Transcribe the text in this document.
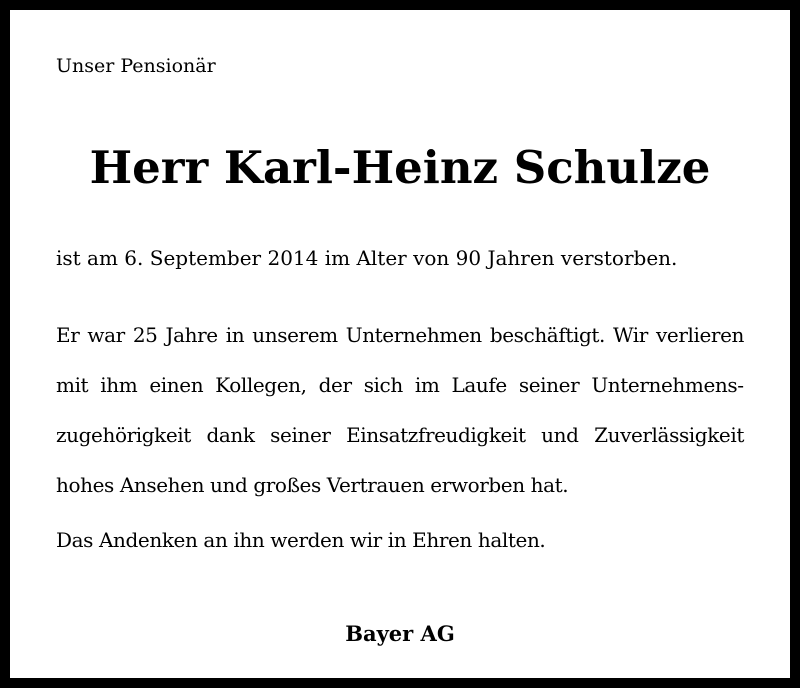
Unser Pensionär
Herr Karl-Heinz Schulze
ist am 6. September 2014 im Alter von 90 Jahren verstorben.

Er war 25 Jahre in unserem Unternehmen beschäftigt. Wir verlieren mit ihm einen Kollegen, der sich im Laufe seiner Unternehmenszugehörigkeit dank seiner Einsatzfreudigkeit und Zuverlässigkeit hohes Ansehen und großes Vertrauen erworben hat.

Das Andenken an ihn werden wir in Ehren halten.
Bayer AG
